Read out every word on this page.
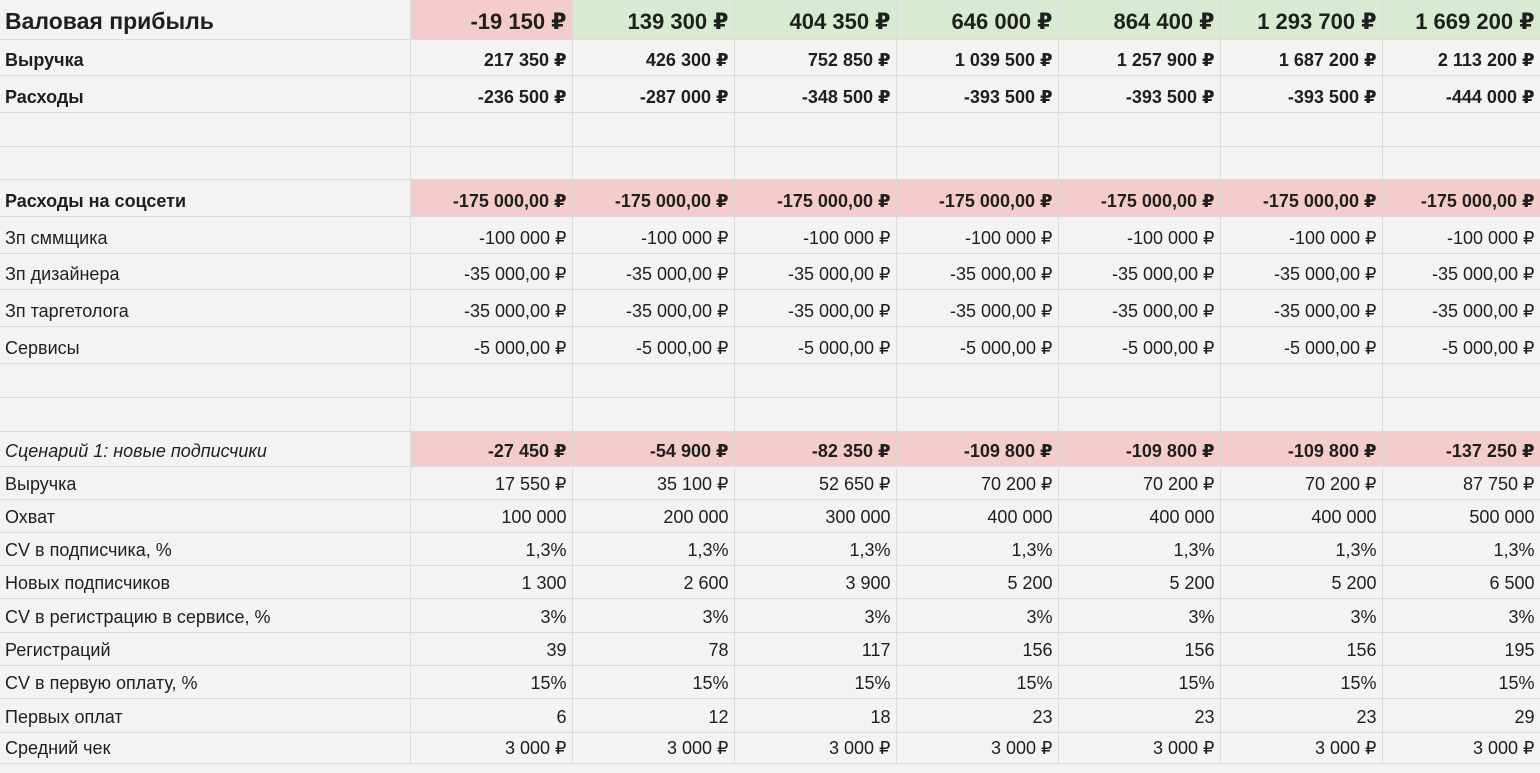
Валовая прибыль	-19 150 ₽	139 300 ₽	404 350 ₽	646 000 ₽	864 400 ₽	1 293 700 ₽	1 669 200 ₽
Выручка	217 350 ₽	426 300 ₽	752 850 ₽	1 039 500 ₽	1 257 900 ₽	1 687 200 ₽	2 113 200 ₽
Расходы	-236 500 ₽	-287 000 ₽	-348 500 ₽	-393 500 ₽	-393 500 ₽	-393 500 ₽	-444 000 ₽

Расходы на соцсети	-175 000,00 ₽	-175 000,00 ₽	-175 000,00 ₽	-175 000,00 ₽	-175 000,00 ₽	-175 000,00 ₽	-175 000,00 ₽
Зп сммщика	-100 000 ₽	-100 000 ₽	-100 000 ₽	-100 000 ₽	-100 000 ₽	-100 000 ₽	-100 000 ₽
Зп дизайнера	-35 000,00 ₽	-35 000,00 ₽	-35 000,00 ₽	-35 000,00 ₽	-35 000,00 ₽	-35 000,00 ₽	-35 000,00 ₽
Зп таргетолога	-35 000,00 ₽	-35 000,00 ₽	-35 000,00 ₽	-35 000,00 ₽	-35 000,00 ₽	-35 000,00 ₽	-35 000,00 ₽
Сервисы	-5 000,00 ₽	-5 000,00 ₽	-5 000,00 ₽	-5 000,00 ₽	-5 000,00 ₽	-5 000,00 ₽	-5 000,00 ₽

Сценарий 1: новые подписчики	-27 450 ₽	-54 900 ₽	-82 350 ₽	-109 800 ₽	-109 800 ₽	-109 800 ₽	-137 250 ₽
Выручка	17 550 ₽	35 100 ₽	52 650 ₽	70 200 ₽	70 200 ₽	70 200 ₽	87 750 ₽
Охват	100 000	200 000	300 000	400 000	400 000	400 000	500 000
CV в подписчика, %	1,3%	1,3%	1,3%	1,3%	1,3%	1,3%	1,3%
Новых подписчиков	1 300	2 600	3 900	5 200	5 200	5 200	6 500
CV в регистрацию в сервисе, %	3%	3%	3%	3%	3%	3%	3%
Регистраций	39	78	117	156	156	156	195
CV в первую оплату, %	15%	15%	15%	15%	15%	15%	15%
Первых оплат	6	12	18	23	23	23	29
Средний чек	3 000 ₽	3 000 ₽	3 000 ₽	3 000 ₽	3 000 ₽	3 000 ₽	3 000 ₽
